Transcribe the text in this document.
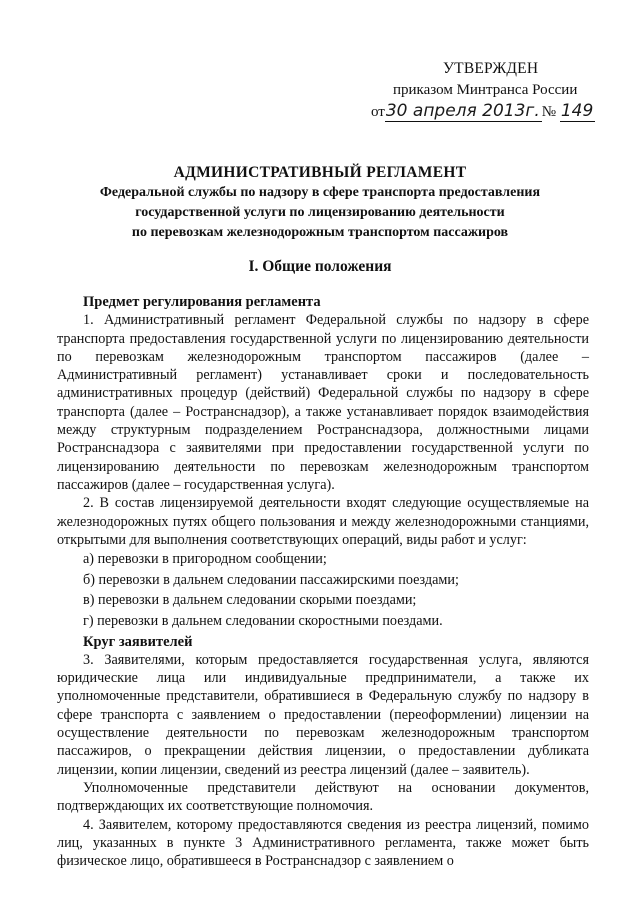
УТВЕРЖДЕН
приказом Минтранса России
от30 апреля 2013г. № 149
АДМИНИСТРАТИВНЫЙ РЕГЛАМЕНТ
Федеральной службы по надзору в сфере транспорта предоставления
государственной услуги по лицензированию деятельности
по перевозкам железнодорожным транспортом пассажиров
I. Общие положения

Предмет регулирования регламента

1. Административный регламент Федеральной службы по надзору в сфере транспорта предоставления государственной услуги по лицензированию деятельности по перевозкам железнодорожным транспортом пассажиров (далее – Административный регламент) устанавливает сроки и последовательность административных процедур (действий) Федеральной службы по надзору в сфере транспорта (далее – Ространснадзор), а также устанавливает порядок взаимодействия между структурным подразделением Ространснадзора, должностными лицами Ространснадзора с заявителями при предоставлении государственной услуги по лицензированию деятельности по перевозкам железнодорожным транспортом пассажиров (далее – государственная услуга).

2. В состав лицензируемой деятельности входят следующие осуществляемые на железнодорожных путях общего пользования и между железнодорожными станциями, открытыми для выполнения соответствующих операций, виды работ и услуг:

а) перевозки в пригородном сообщении;

б) перевозки в дальнем следовании пассажирскими поездами;

в) перевозки в дальнем следовании скорыми поездами;

г) перевозки в дальнем следовании скоростными поездами.

Круг заявителей

3. Заявителями, которым предоставляется государственная услуга, являются юридические лица или индивидуальные предприниматели, а также их уполномоченные представители, обратившиеся в Федеральную службу по надзору в сфере транспорта с заявлением о предоставлении (переоформлении) лицензии на осуществление деятельности по перевозкам железнодорожным транспортом пассажиров, о прекращении действия лицензии, о предоставлении дубликата лицензии, копии лицензии, сведений из реестра лицензий (далее – заявитель).

Уполномоченные представители действуют на основании документов, подтверждающих их соответствующие полномочия.

4. Заявителем, которому предоставляются сведения из реестра лицензий, помимо лиц, указанных в пункте 3 Административного регламента, также может быть физическое лицо, обратившееся в Ространснадзор с заявлением о
